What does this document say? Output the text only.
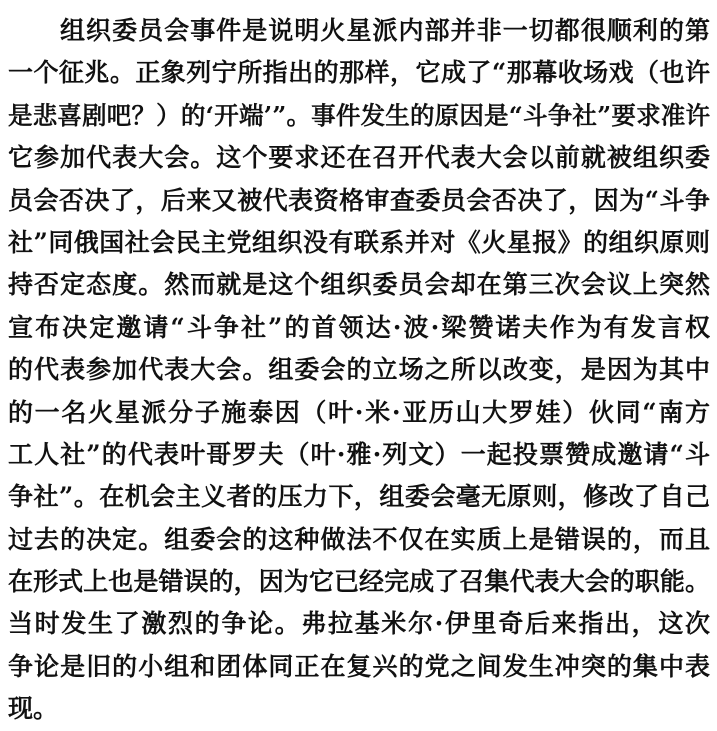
组织委员会事件是说明火星派内部并非一切都很顺利的第
一个征兆。正象列宁所指出的那样，它成了“那幕收场戏（也许
是悲喜剧吧？）的‘开端’”。事件发生的原因是“斗争社”要求准许
它参加代表大会。这个要求还在召开代表大会以前就被组织委
员会否决了，后来又被代表资格审查委员会否决了，因为“斗争
社”同俄国社会民主党组织没有联系并对《火星报》的组织原则
持否定态度。然而就是这个组织委员会却在第三次会议上突然
宣布决定邀请“斗争社”的首领达·波·梁赞诺夫作为有发言权
的代表参加代表大会。组委会的立场之所以改变，是因为其中
的一名火星派分子施泰因（叶·米·亚历山大罗娃）伙同“南方
工人社”的代表叶哥罗夫（叶·雅·列文）一起投票赞成邀请“斗
争社”。在机会主义者的压力下，组委会毫无原则，修改了自己
过去的决定。组委会的这种做法不仅在实质上是错误的，而且
在形式上也是错误的，因为它已经完成了召集代表大会的职能。
当时发生了激烈的争论。弗拉基米尔·伊里奇后来指出，这次
争论是旧的小组和团体同正在复兴的党之间发生冲突的集中表
现。
